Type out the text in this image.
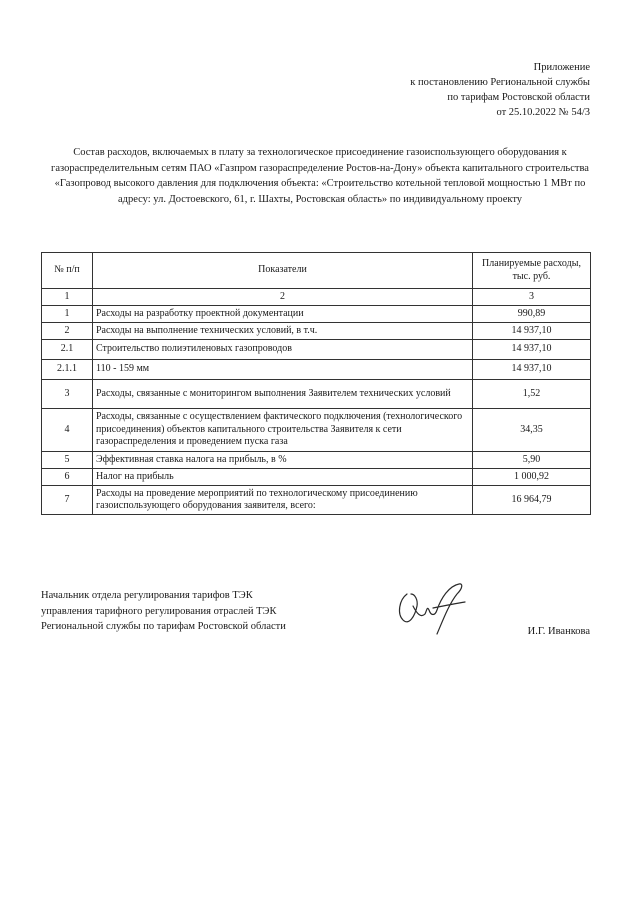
Приложение
к постановлению Региональной службы
по тарифам Ростовской области
от 25.10.2022 № 54/3
Состав расходов, включаемых в плату за технологическое присоединение газоиспользующего оборудования к газораспределительным сетям ПАО «Газпром газораспределение Ростов-на-Дону» объекта капитального строительства «Газопровод высокого давления для подключения объекта: «Строительство котельной тепловой мощностью 1 МВт по адресу: ул. Достоевского, 61, г. Шахты, Ростовская область» по индивидуальному проекту
№ п/п	Показатели	Планируемые расходы, тыс. руб.
1	2	3
1	Расходы на разработку проектной документации	990,89
2	Расходы на выполнение технических условий, в т.ч.	14 937,10
2.1	Строительство полиэтиленовых газопроводов	14 937,10
2.1.1	110 - 159 мм	14 937,10
3	Расходы, связанные с мониторингом выполнения Заявителем технических условий	1,52
4	Расходы, связанные с осуществлением фактического подключения (технологического присоединения) объектов капитального строительства Заявителя к сети газораспределения и проведением пуска газа	34,35
5	Эффективная ставка налога на прибыль, в %	5,90
6	Налог на прибыль	1 000,92
7	Расходы на проведение мероприятий по технологическому присоединению газоиспользующего оборудования заявителя, всего:	16 964,79
Начальник отдела регулирования тарифов ТЭК
управления тарифного регулирования отраслей ТЭК
Региональной службы по тарифам Ростовской области	И.Г. Иванкова
